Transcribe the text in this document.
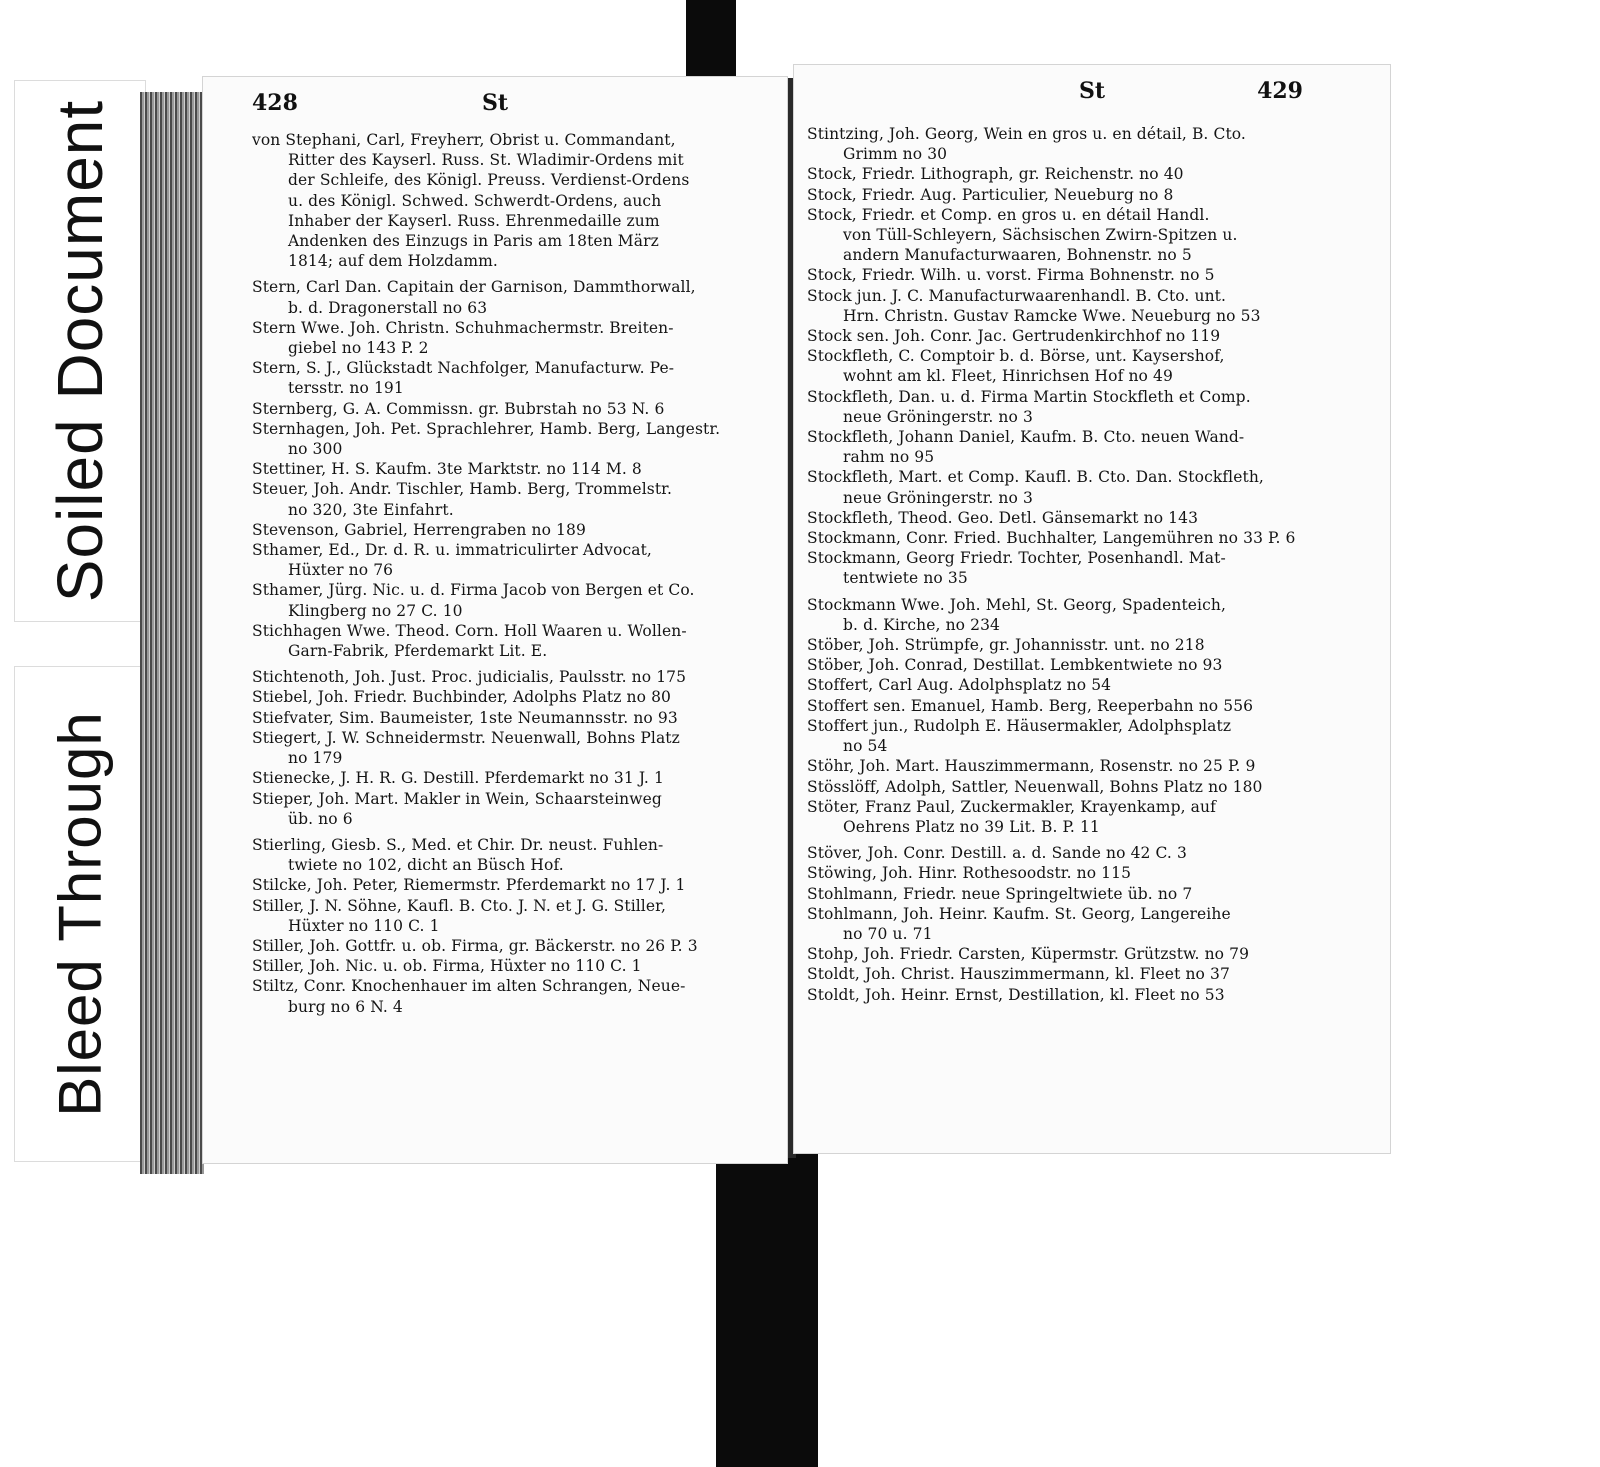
Soiled Document
Bleed Through
428	St
von Stephani, Carl, Freyherr, Obrist u. Commandant,
Ritter des Kayserl. Russ. St. Wladimir-Ordens mit
der Schleife, des Königl. Preuss. Verdienst-Ordens
u. des Königl. Schwed. Schwerdt-Ordens, auch
Inhaber der Kayserl. Russ. Ehrenmedaille zum
Andenken des Einzugs in Paris am 18ten März
1814; auf dem Holzdamm.
Stern, Carl Dan. Capitain der Garnison, Dammthorwall,
b. d. Dragonerstall no 63
Stern Wwe. Joh. Christn. Schuhmachermstr. Breiten-
giebel no 143 P. 2
Stern, S. J., Glückstadt Nachfolger, Manufacturw. Pe-
tersstr. no 191
Sternberg, G. A. Commissn. gr. Bubrstah no 53 N. 6
Sternhagen, Joh. Pet. Sprachlehrer, Hamb. Berg, Langestr.
no 300
Stettiner, H. S. Kaufm. 3te Marktstr. no 114 M. 8
Steuer, Joh. Andr. Tischler, Hamb. Berg, Trommelstr.
no 320, 3te Einfahrt.
Stevenson, Gabriel, Herrengraben no 189
Sthamer, Ed., Dr. d. R. u. immatriculirter Advocat,
Hüxter no 76
Sthamer, Jürg. Nic. u. d. Firma Jacob von Bergen et Co.
Klingberg no 27 C. 10
Stichhagen Wwe. Theod. Corn. Holl Waaren u. Wollen-
Garn-Fabrik, Pferdemarkt Lit. E.
Stichtenoth, Joh. Just. Proc. judicialis, Paulsstr. no 175
Stiebel, Joh. Friedr. Buchbinder, Adolphs Platz no 80
Stiefvater, Sim. Baumeister, 1ste Neumannsstr. no 93
Stiegert, J. W. Schneidermstr. Neuenwall, Bohns Platz
no 179
Stienecke, J. H. R. G. Destill. Pferdemarkt no 31 J. 1
Stieper, Joh. Mart. Makler in Wein, Schaarsteinweg
üb. no 6
Stierling, Giesb. S., Med. et Chir. Dr. neust. Fuhlen-
twiete no 102, dicht an Büsch Hof.
Stilcke, Joh. Peter, Riemermstr. Pferdemarkt no 17 J. 1
Stiller, J. N. Söhne, Kaufl. B. Cto. J. N. et J. G. Stiller,
Hüxter no 110 C. 1
Stiller, Joh. Gottfr. u. ob. Firma, gr. Bäckerstr. no 26 P. 3
Stiller, Joh. Nic. u. ob. Firma, Hüxter no 110 C. 1
Stiltz, Conr. Knochenhauer im alten Schrangen, Neue-
burg no 6 N. 4
St	429
Stintzing, Joh. Georg, Wein en gros u. en détail, B. Cto.
Grimm no 30
Stock, Friedr. Lithograph, gr. Reichenstr. no 40
Stock, Friedr. Aug. Particulier, Neueburg no 8
Stock, Friedr. et Comp. en gros u. en détail Handl.
von Tüll-Schleyern, Sächsischen Zwirn-Spitzen u.
andern Manufacturwaaren, Bohnenstr. no 5
Stock, Friedr. Wilh. u. vorst. Firma Bohnenstr. no 5
Stock jun. J. C. Manufacturwaarenhandl. B. Cto. unt.
Hrn. Christn. Gustav Ramcke Wwe. Neueburg no 53
Stock sen. Joh. Conr. Jac. Gertrudenkirchhof no 119
Stockfleth, C. Comptoir b. d. Börse, unt. Kaysershof,
wohnt am kl. Fleet, Hinrichsen Hof no 49
Stockfleth, Dan. u. d. Firma Martin Stockfleth et Comp.
neue Gröningerstr. no 3
Stockfleth, Johann Daniel, Kaufm. B. Cto. neuen Wand-
rahm no 95
Stockfleth, Mart. et Comp. Kaufl. B. Cto. Dan. Stockfleth,
neue Gröningerstr. no 3
Stockfleth, Theod. Geo. Detl. Gänsemarkt no 143
Stockmann, Conr. Fried. Buchhalter, Langemühren no 33 P. 6
Stockmann, Georg Friedr. Tochter, Posenhandl. Mat-
tentwiete no 35
Stockmann Wwe. Joh. Mehl, St. Georg, Spadenteich,
b. d. Kirche, no 234
Stöber, Joh. Strümpfe, gr. Johannisstr. unt. no 218
Stöber, Joh. Conrad, Destillat. Lembkentwiete no 93
Stoffert, Carl Aug. Adolphsplatz no 54
Stoffert sen. Emanuel, Hamb. Berg, Reeperbahn no 556
Stoffert jun., Rudolph E. Häusermakler, Adolphsplatz
no 54
Stöhr, Joh. Mart. Hauszimmermann, Rosenstr. no 25 P. 9
Stösslöff, Adolph, Sattler, Neuenwall, Bohns Platz no 180
Stöter, Franz Paul, Zuckermakler, Krayenkamp, auf
Oehrens Platz no 39 Lit. B. P. 11
Stöver, Joh. Conr. Destill. a. d. Sande no 42 C. 3
Stöwing, Joh. Hinr. Rothesoodstr. no 115
Stohlmann, Friedr. neue Springeltwiete üb. no 7
Stohlmann, Joh. Heinr. Kaufm. St. Georg, Langereihe
no 70 u. 71
Stohp, Joh. Friedr. Carsten, Küpermstr. Grützstw. no 79
Stoldt, Joh. Christ. Hauszimmermann, kl. Fleet no 37
Stoldt, Joh. Heinr. Ernst, Destillation, kl. Fleet no 53
